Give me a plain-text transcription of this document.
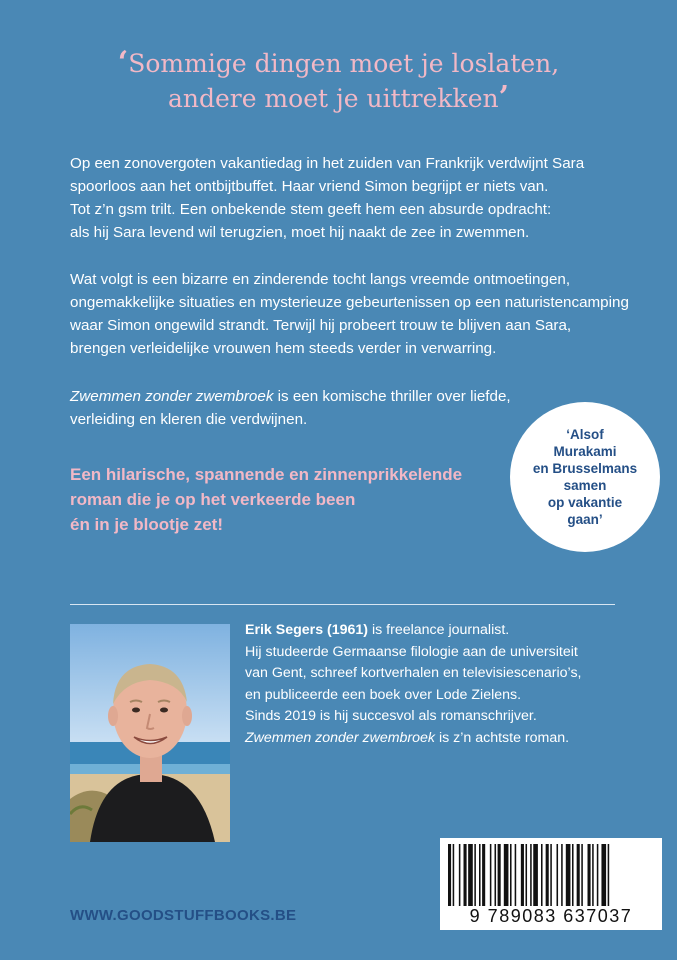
‘Sommige dingen moet je loslaten,
andere moet je uittrekken’
Op een zonovergoten vakantiedag in het zuiden van Frankrijk verdwijnt Sara
spoorloos aan het ontbijtbuffet. Haar vriend Simon begrijpt er niets van.
Tot z’n gsm trilt. Een onbekende stem geeft hem een absurde opdracht:
als hij Sara levend wil terugzien, moet hij naakt de zee in zwemmen.
Wat volgt is een bizarre en zinderende tocht langs vreemde ontmoetingen,
ongemakkelijke situaties en mysterieuze gebeurtenissen op een naturistencamping
waar Simon ongewild strandt. Terwijl hij probeert trouw te blijven aan Sara,
brengen verleidelijke vrouwen hem steeds verder in verwarring.
Zwemmen zonder zwembroek is een komische thriller over liefde,
verleiding en kleren die verdwijnen.
Een hilarische, spannende en zinnenprikkelende
roman die je op het verkeerde been
én in je blootje zet!
‘Alsof
Murakami
en Brusselmans
samen
op vakantie
gaan’
Erik Segers (1961) is freelance journalist.
Hij studeerde Germaanse filologie aan de universiteit
van Gent, schreef kortverhalen en televisiescenario’s,
en publiceerde een boek over Lode Zielens.
Sinds 2019 is hij succesvol als romanschrijver.
Zwemmen zonder zwembroek is z’n achtste roman.
9 789083 637037
WWW.GOODSTUFFBOOKS.BE
